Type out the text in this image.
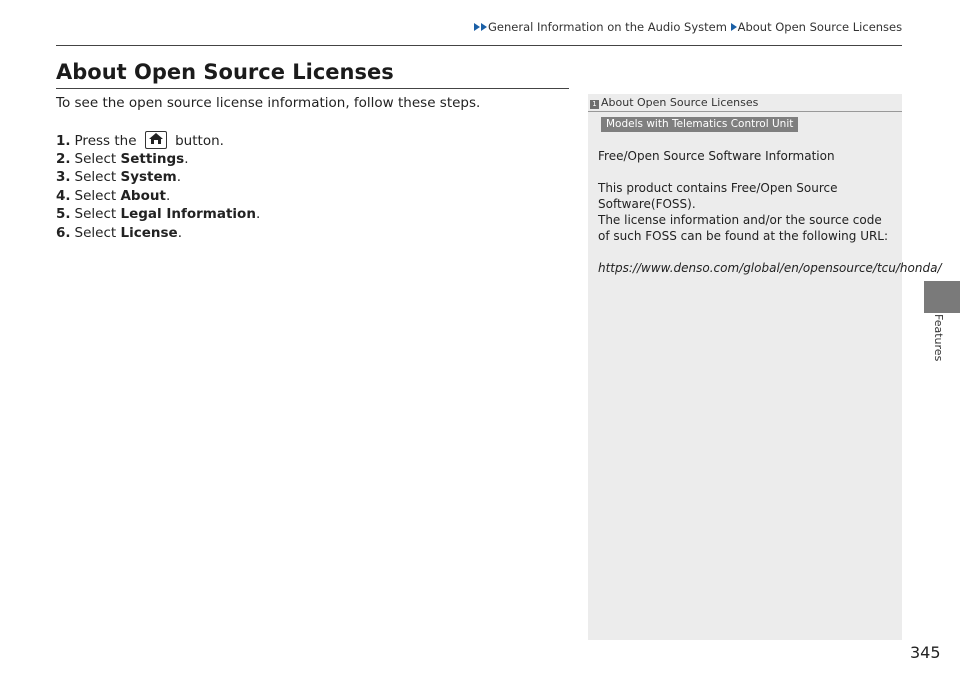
General Information on the Audio System About Open Source Licenses
About Open Source Licenses
To see the open source license information, follow these steps.
1. Press the
button.
2. Select Settings.
3. Select System.
4. Select About.
5. Select Legal Information.
6. Select License.
1 About Open Source Licenses
Models with Telematics Control Unit

Free/Open Source Software Information

This product contains Free/Open Source Software(FOSS).

The license information and/or the source code of such FOSS can be found at the following URL:

https://www.denso.com/global/en/opensource/tcu/honda/

Features
345
